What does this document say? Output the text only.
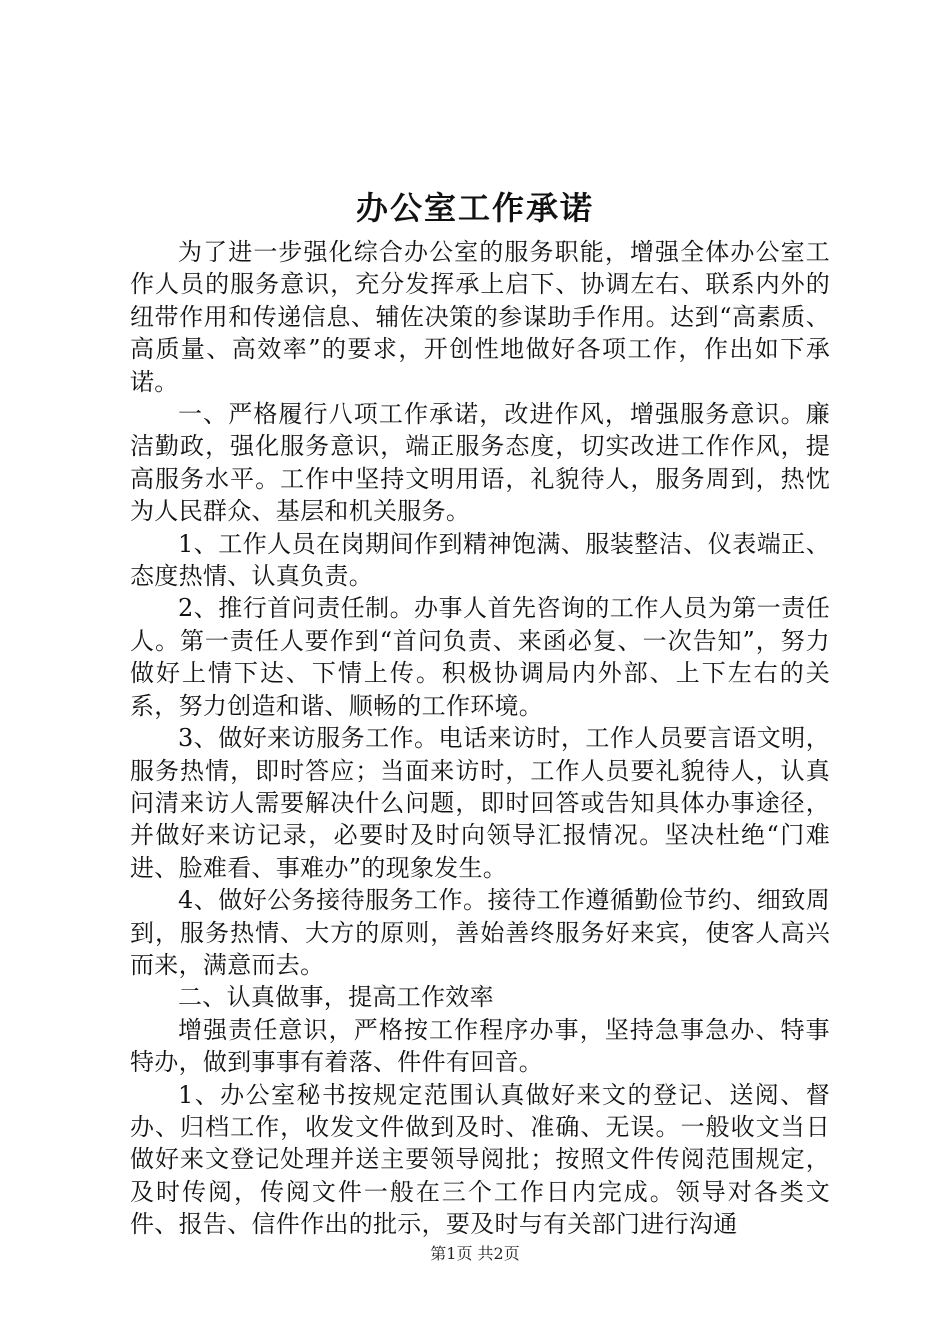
办公室工作承诺

为了进一步强化综合办公室的服务职能，增强全体办公室工作人员的服务意识，充分发挥承上启下、协调左右、联系内外的纽带作用和传递信息、辅佐决策的参谋助手作用。达到“高素质、高质量、高效率”的要求，开创性地做好各项工作，作出如下承诺。

一、严格履行八项工作承诺，改进作风，增强服务意识。廉洁勤政，强化服务意识，端正服务态度，切实改进工作作风，提高服务水平。工作中坚持文明用语，礼貌待人，服务周到，热忱为人民群众、基层和机关服务。

1、工作人员在岗期间作到精神饱满、服装整洁、仪表端正、态度热情、认真负责。

2、推行首问责任制。办事人首先咨询的工作人员为第一责任人。第一责任人要作到“首问负责、来函必复、一次告知”，努力做好上情下达、下情上传。积极协调局内外部、上下左右的关系，努力创造和谐、顺畅的工作环境。

3、做好来访服务工作。电话来访时，工作人员要言语文明，服务热情，即时答应；当面来访时，工作人员要礼貌待人，认真问清来访人需要解决什么问题，即时回答或告知具体办事途径，并做好来访记录，必要时及时向领导汇报情况。坚决杜绝“门难进、脸难看、事难办”的现象发生。

4、做好公务接待服务工作。接待工作遵循勤俭节约、细致周到，服务热情、大方的原则，善始善终服务好来宾，使客人高兴而来，满意而去。

二、认真做事，提高工作效率

增强责任意识，严格按工作程序办事，坚持急事急办、特事特办，做到事事有着落、件件有回音。

1、办公室秘书按规定范围认真做好来文的登记、送阅、督办、归档工作，收发文件做到及时、准确、无误。一般收文当日做好来文登记处理并送主要领导阅批；按照文件传阅范围规定，及时传阅，传阅文件一般在三个工作日内完成。领导对各类文件、报告、信件作出的批示，要及时与有关部门进行沟通

第1页 共2页
